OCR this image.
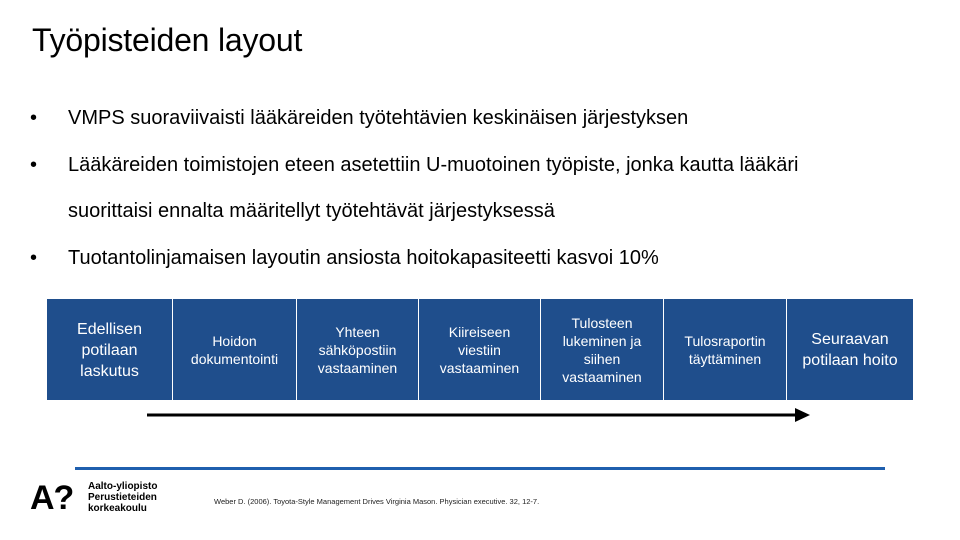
Työpisteiden layout
• VMPS suoraviivaisti lääkäreiden työtehtävien keskinäisen järjestyksen
• Lääkäreiden toimistojen eteen asetettiin U-muotoinen työpiste, jonka kautta lääkäri suorittaisi ennalta määritellyt työtehtävät järjestyksessä
• Tuotantolinjamaisen layoutin ansiosta hoitokapasiteetti kasvoi 10%
Edellisen potilaan laskutus
Hoidon dokumentointi
Yhteen sähköpostiin vastaaminen
Kiireiseen viestiin vastaaminen
Tulosteen lukeminen ja siihen vastaaminen
Tulosraportin täyttäminen
Seuraavan potilaan hoito
A? Aalto-yliopisto
Perustieteiden
korkeakoulu
Weber D. (2006). Toyota-Style Management Drives Virginia Mason. Physician executive. 32, 12-7.
